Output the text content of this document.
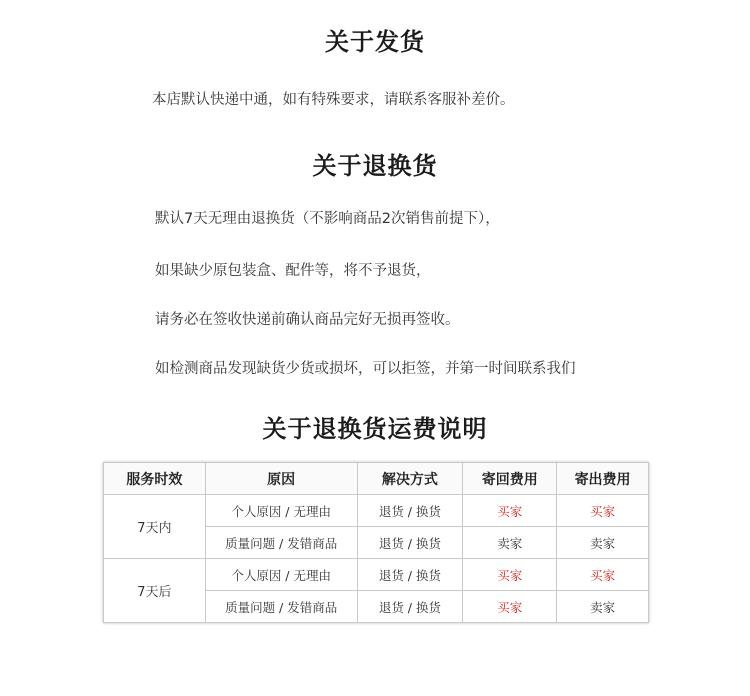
关于发货
本店默认快递中通，如有特殊要求，请联系客服补差价。
关于退换货
默认7天无理由退换货（不影响商品2次销售前提下），
如果缺少原包装盒、配件等，将不予退货，
请务必在签收快递前确认商品完好无损再签收。
如检测商品发现缺货少货或损坏，可以拒签，并第一时间联系我们
关于退换货运费说明
服务时效	原因	解决方式	寄回费用	寄出费用
7天内	个人原因 / 无理由	退货 / 换货	买家	买家
	质量问题 / 发错商品	退货 / 换货	卖家	卖家
7天后	个人原因 / 无理由	退货 / 换货	买家	买家
	质量问题 / 发错商品	退货 / 换货	买家	卖家
